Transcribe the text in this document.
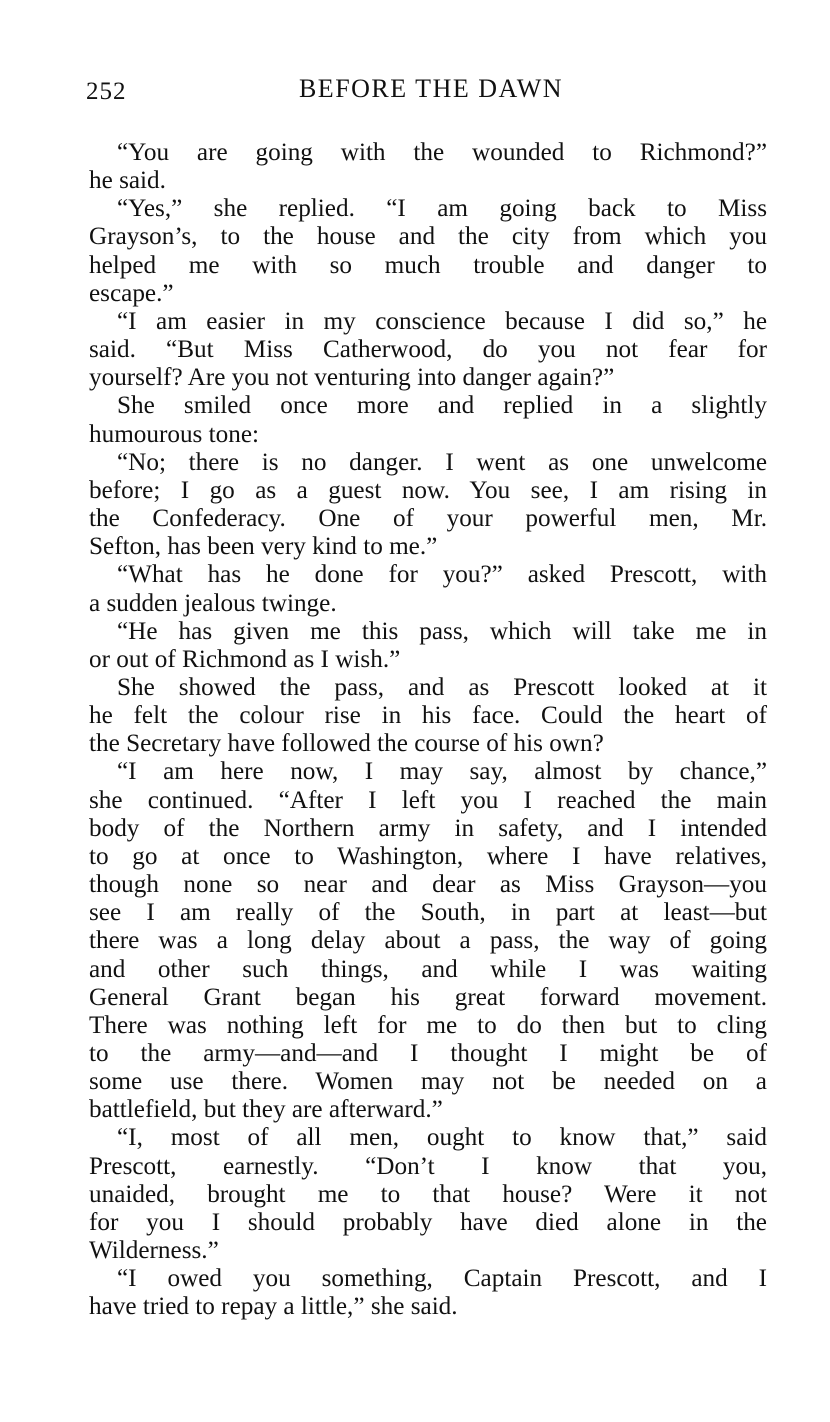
252	BEFORE THE DAWN
“You are going with the wounded to Richmond?”
he said.
“Yes,” she replied. “I am going back to Miss
Grayson’s, to the house and the city from which you
helped me with so much trouble and danger to
escape.”
“I am easier in my conscience because I did so,” he
said. “But Miss Catherwood, do you not fear for
yourself? Are you not venturing into danger again?”
She smiled once more and replied in a slightly
humourous tone:
“No; there is no danger. I went as one unwelcome
before; I go as a guest now. You see, I am rising in
the Confederacy. One of your powerful men, Mr.
Sefton, has been very kind to me.”
“What has he done for you?” asked Prescott, with
a sudden jealous twinge.
“He has given me this pass, which will take me in
or out of Richmond as I wish.”
She showed the pass, and as Prescott looked at it
he felt the colour rise in his face. Could the heart of
the Secretary have followed the course of his own?
“I am here now, I may say, almost by chance,”
she continued. “After I left you I reached the main
body of the Northern army in safety, and I intended
to go at once to Washington, where I have relatives,
though none so near and dear as Miss Grayson—you
see I am really of the South, in part at least—but
there was a long delay about a pass, the way of going
and other such things, and while I was waiting
General Grant began his great forward movement.
There was nothing left for me to do then but to cling
to the army—and—and I thought I might be of
some use there. Women may not be needed on a
battlefield, but they are afterward.”
“I, most of all men, ought to know that,” said
Prescott, earnestly. “Don’t I know that you,
unaided, brought me to that house? Were it not
for you I should probably have died alone in the
Wilderness.”
“I owed you something, Captain Prescott, and I
have tried to repay a little,” she said.
